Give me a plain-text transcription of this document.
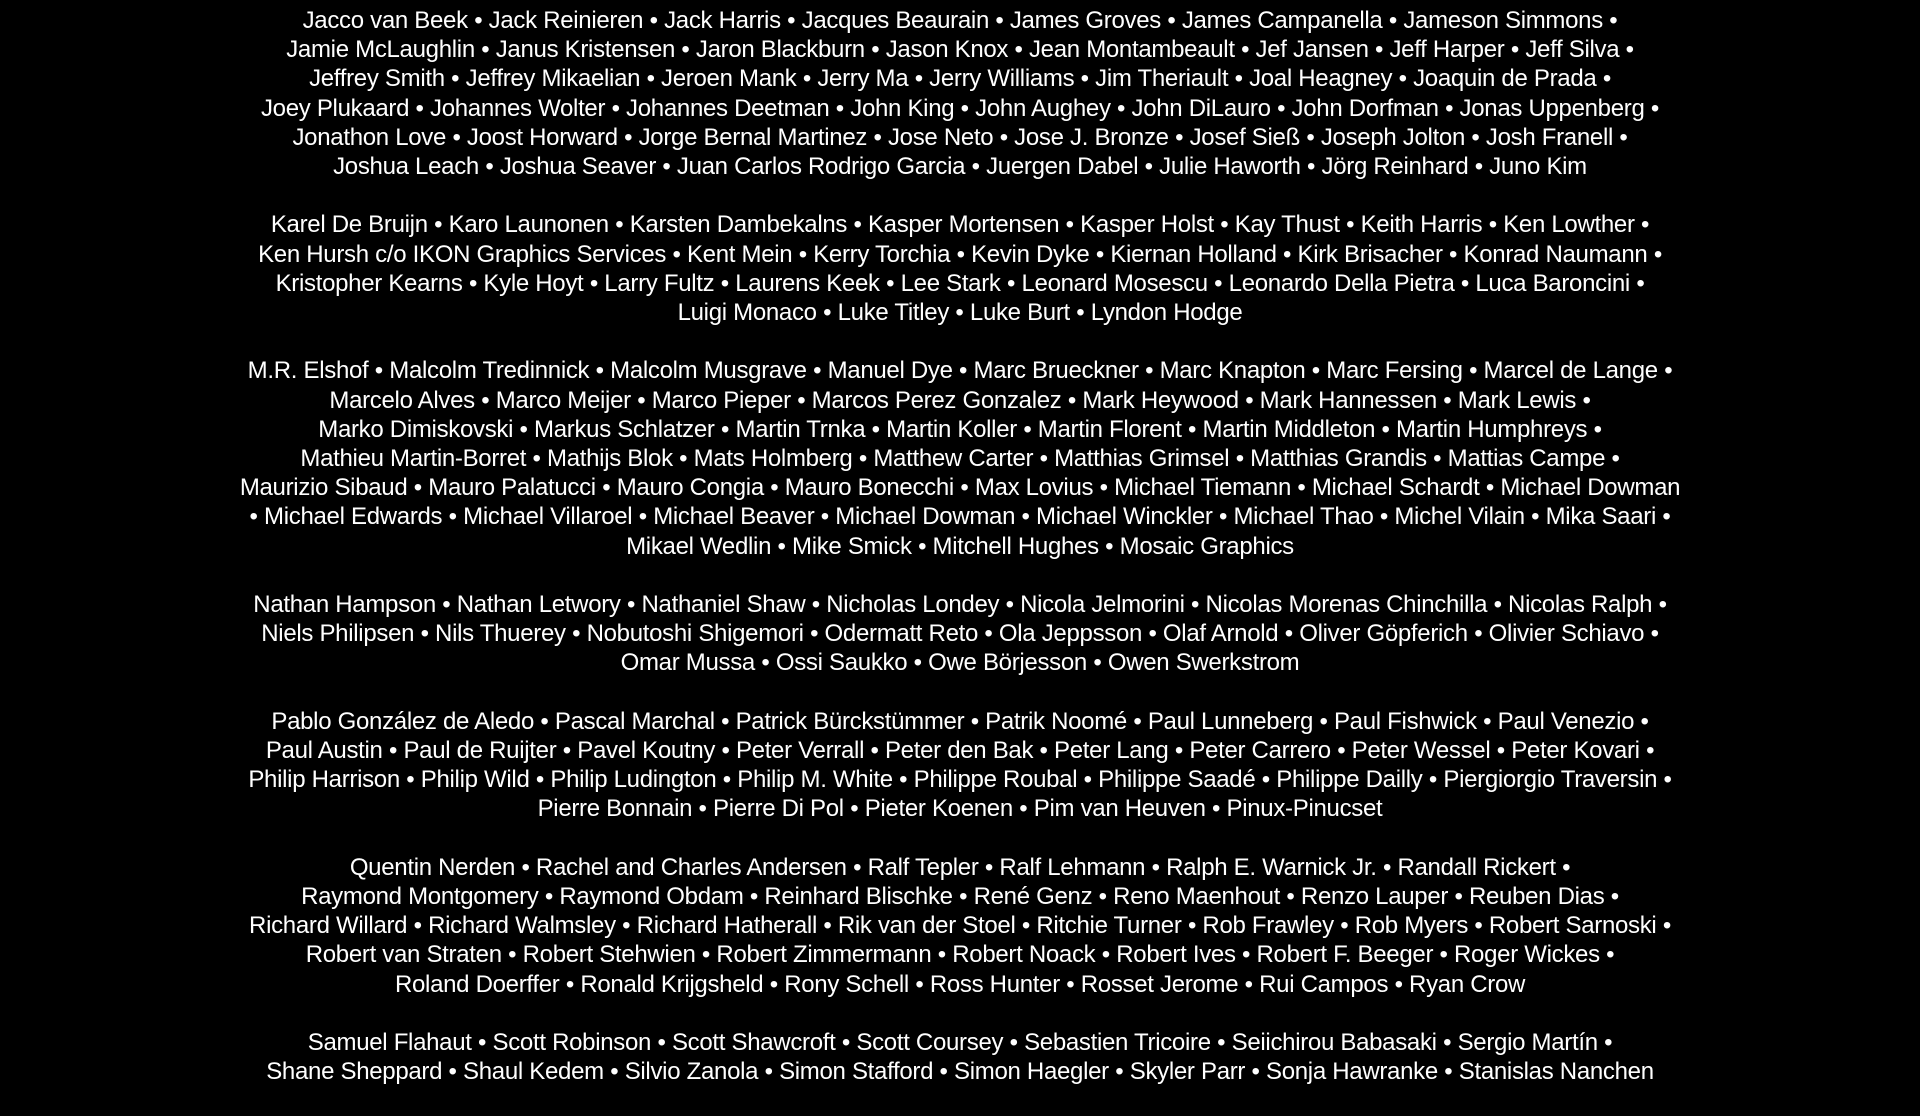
Jacco van Beek • Jack Reinieren • Jack Harris • Jacques Beaurain • James Groves • James Campanella • Jameson Simmons • Jamie McLaughlin • Janus Kristensen • Jaron Blackburn • Jason Knox • Jean Montambeault • Jef Jansen • Jeff Harper • Jeff Silva • Jeffrey Smith • Jeffrey Mikaelian • Jeroen Mank • Jerry Ma • Jerry Williams • Jim Theriault • Joal Heagney • Joaquin de Prada • Joey Plukaard • Johannes Wolter • Johannes Deetman • John King • John Aughey • John DiLauro • John Dorfman • Jonas Uppenberg • Jonathon Love • Joost Horward • Jorge Bernal Martinez • Jose Neto • Jose J. Bronze • Josef Sieß • Joseph Jolton • Josh Franell • Joshua Leach • Joshua Seaver • Juan Carlos Rodrigo Garcia • Juergen Dabel • Julie Haworth • Jörg Reinhard • Juno Kim
Karel De Bruijn • Karo Launonen • Karsten Dambekalns • Kasper Mortensen • Kasper Holst • Kay Thust • Keith Harris • Ken Lowther • Ken Hursh c/o IKON Graphics Services • Kent Mein • Kerry Torchia • Kevin Dyke • Kiernan Holland • Kirk Brisacher • Konrad Naumann • Kristopher Kearns • Kyle Hoyt • Larry Fultz • Laurens Keek • Lee Stark • Leonard Mosescu • Leonardo Della Pietra • Luca Baroncini • Luigi Monaco • Luke Titley • Luke Burt • Lyndon Hodge
M.R. Elshof • Malcolm Tredinnick • Malcolm Musgrave • Manuel Dye • Marc Brueckner • Marc Knapton • Marc Fersing • Marcel de Lange • Marcelo Alves • Marco Meijer • Marco Pieper • Marcos Perez Gonzalez • Mark Heywood • Mark Hannessen • Mark Lewis • Marko Dimiskovski • Markus Schlatzer • Martin Trnka • Martin Koller • Martin Florent • Martin Middleton • Martin Humphreys • Mathieu Martin-Borret • Mathijs Blok • Mats Holmberg • Matthew Carter • Matthias Grimsel • Matthias Grandis • Mattias Campe • Maurizio Sibaud • Mauro Palatucci • Mauro Congia • Mauro Bonecchi • Max Lovius • Michael Tiemann • Michael Schardt • Michael Dowman • Michael Edwards • Michael Villaroel • Michael Beaver • Michael Dowman • Michael Winckler • Michael Thao • Michel Vilain • Mika Saari • Mikael Wedlin • Mike Smick • Mitchell Hughes • Mosaic Graphics
Nathan Hampson • Nathan Letwory • Nathaniel Shaw • Nicholas Londey • Nicola Jelmorini • Nicolas Morenas Chinchilla • Nicolas Ralph • Niels Philipsen • Nils Thuerey • Nobutoshi Shigemori • Odermatt Reto • Ola Jeppsson • Olaf Arnold • Oliver Göpferich • Olivier Schiavo • Omar Mussa • Ossi Saukko • Owe Börjesson • Owen Swerkstrom
Pablo González de Aledo • Pascal Marchal • Patrick Bürckstümmer • Patrik Noomé • Paul Lunneberg • Paul Fishwick • Paul Venezio • Paul Austin • Paul de Ruijter • Pavel Koutny • Peter Verrall • Peter den Bak • Peter Lang • Peter Carrero • Peter Wessel • Peter Kovari • Philip Harrison • Philip Wild • Philip Ludington • Philip M. White • Philippe Roubal • Philippe Saadé • Philippe Dailly • Piergiorgio Traversin • Pierre Bonnain • Pierre Di Pol • Pieter Koenen • Pim van Heuven • Pinux-Pinucset
Quentin Nerden • Rachel and Charles Andersen • Ralf Tepler • Ralf Lehmann • Ralph E. Warnick Jr. • Randall Rickert • Raymond Montgomery • Raymond Obdam • Reinhard Blischke • René Genz • Reno Maenhout • Renzo Lauper • Reuben Dias • Richard Willard • Richard Walmsley • Richard Hatherall • Rik van der Stoel • Ritchie Turner • Rob Frawley • Rob Myers • Robert Sarnoski • Robert van Straten • Robert Stehwien • Robert Zimmermann • Robert Noack • Robert Ives • Robert F. Beeger • Roger Wickes • Roland Doerffer • Ronald Krijgsheld • Rony Schell • Ross Hunter • Rosset Jerome • Rui Campos • Ryan Crow
Samuel Flahaut • Scott Robinson • Scott Shawcroft • Scott Coursey • Sebastien Tricoire • Seiichirou Babasaki • Sergio Martín • Shane Sheppard • Shaul Kedem • Silvio Zanola • Simon Stafford • Simon Haegler • Skyler Parr • Sonja Hawranke • Stanislas Nanchen
